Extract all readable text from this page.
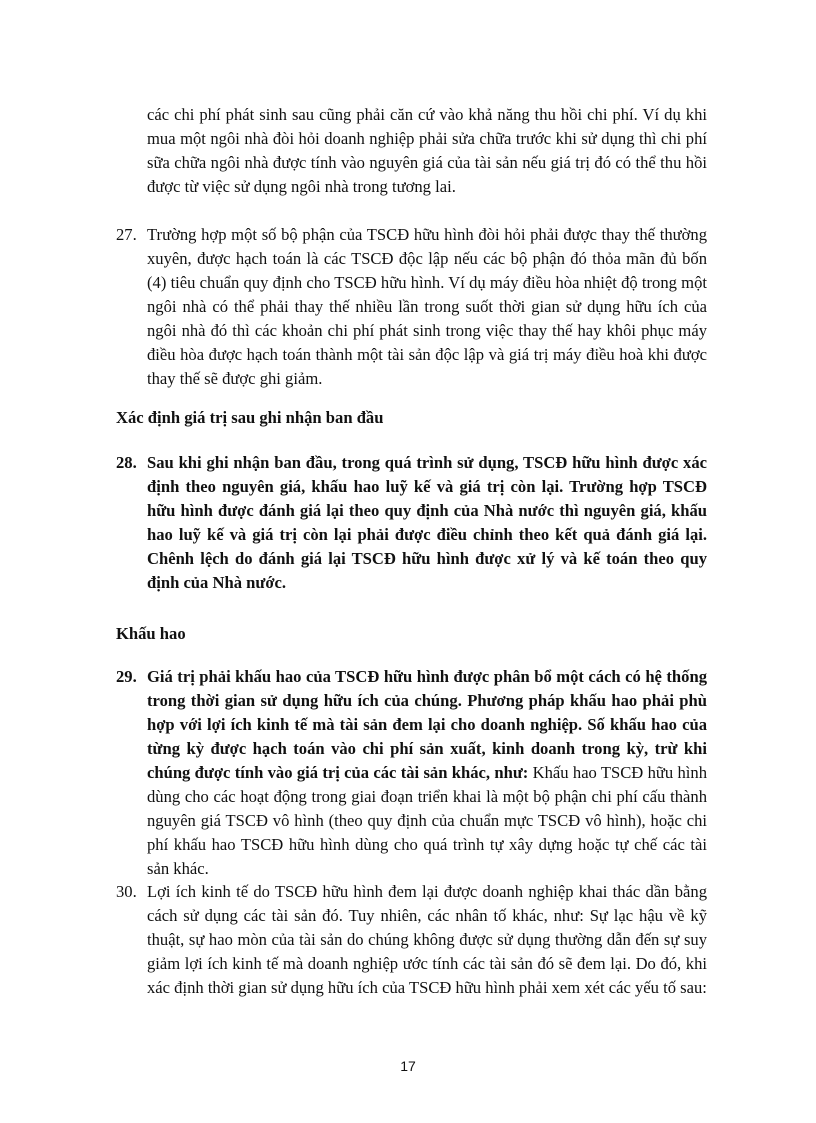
các chi phí phát sinh sau cũng phải căn cứ vào khả năng thu hồi chi phí. Ví dụ khi mua một ngôi nhà đòi hỏi doanh nghiệp phải sửa chữa trước khi sử dụng thì chi phí sữa chữa ngôi nhà được tính vào nguyên giá của tài sản nếu giá trị đó có thể thu hồi được từ việc sử dụng ngôi nhà trong tương lai.
27. Trường hợp một số bộ phận của TSCĐ hữu hình đòi hỏi phải được thay thế thường xuyên, được hạch toán là các TSCĐ độc lập nếu các bộ phận đó thỏa mãn đủ bốn (4) tiêu chuẩn quy định cho TSCĐ hữu hình. Ví dụ máy điều hòa nhiệt độ trong một ngôi nhà có thể phải thay thế nhiều lần trong suốt thời gian sử dụng hữu ích của ngôi nhà đó thì các khoản chi phí phát sinh trong việc thay thế hay khôi phục máy điều hòa được hạch toán thành một tài sản độc lập và giá trị máy điều hoà khi được thay thế sẽ được ghi giảm.
Xác định giá trị sau ghi nhận ban đầu
28. Sau khi ghi nhận ban đầu, trong quá trình sử dụng, TSCĐ hữu hình được xác định theo nguyên giá, khấu hao luỹ kế và giá trị còn lại. Trường hợp TSCĐ hữu hình được đánh giá lại theo quy định của Nhà nước thì nguyên giá, khấu hao luỹ kế và giá trị còn lại phải được điều chỉnh theo kết quả đánh giá lại. Chênh lệch do đánh giá lại TSCĐ hữu hình được xử lý và kế toán theo quy định của Nhà nước.
Khấu hao
29. Giá trị phải khấu hao của TSCĐ hữu hình được phân bổ một cách có hệ thống trong thời gian sử dụng hữu ích của chúng. Phương pháp khấu hao phải phù hợp với lợi ích kinh tế mà tài sản đem lại cho doanh nghiệp. Số khấu hao của từng kỳ được hạch toán vào chi phí sản xuất, kinh doanh trong kỳ, trừ khi chúng được tính vào giá trị của các tài sản khác, như: Khấu hao TSCĐ hữu hình dùng cho các hoạt động trong giai đoạn triển khai là một bộ phận chi phí cấu thành nguyên giá TSCĐ vô hình (theo quy định của chuẩn mực TSCĐ vô hình), hoặc chi phí khấu hao TSCĐ hữu hình dùng cho quá trình tự xây dựng hoặc tự chế các tài sản khác.
30. Lợi ích kinh tế do TSCĐ hữu hình đem lại được doanh nghiệp khai thác dần bằng cách sử dụng các tài sản đó. Tuy nhiên, các nhân tố khác, như: Sự lạc hậu về kỹ thuật, sự hao mòn của tài sản do chúng không được sử dụng thường dẫn đến sự suy giảm lợi ích kinh tế mà doanh nghiệp ước tính các tài sản đó sẽ đem lại. Do đó, khi xác định thời gian sử dụng hữu ích của TSCĐ hữu hình phải xem xét các yếu tố sau:
17
